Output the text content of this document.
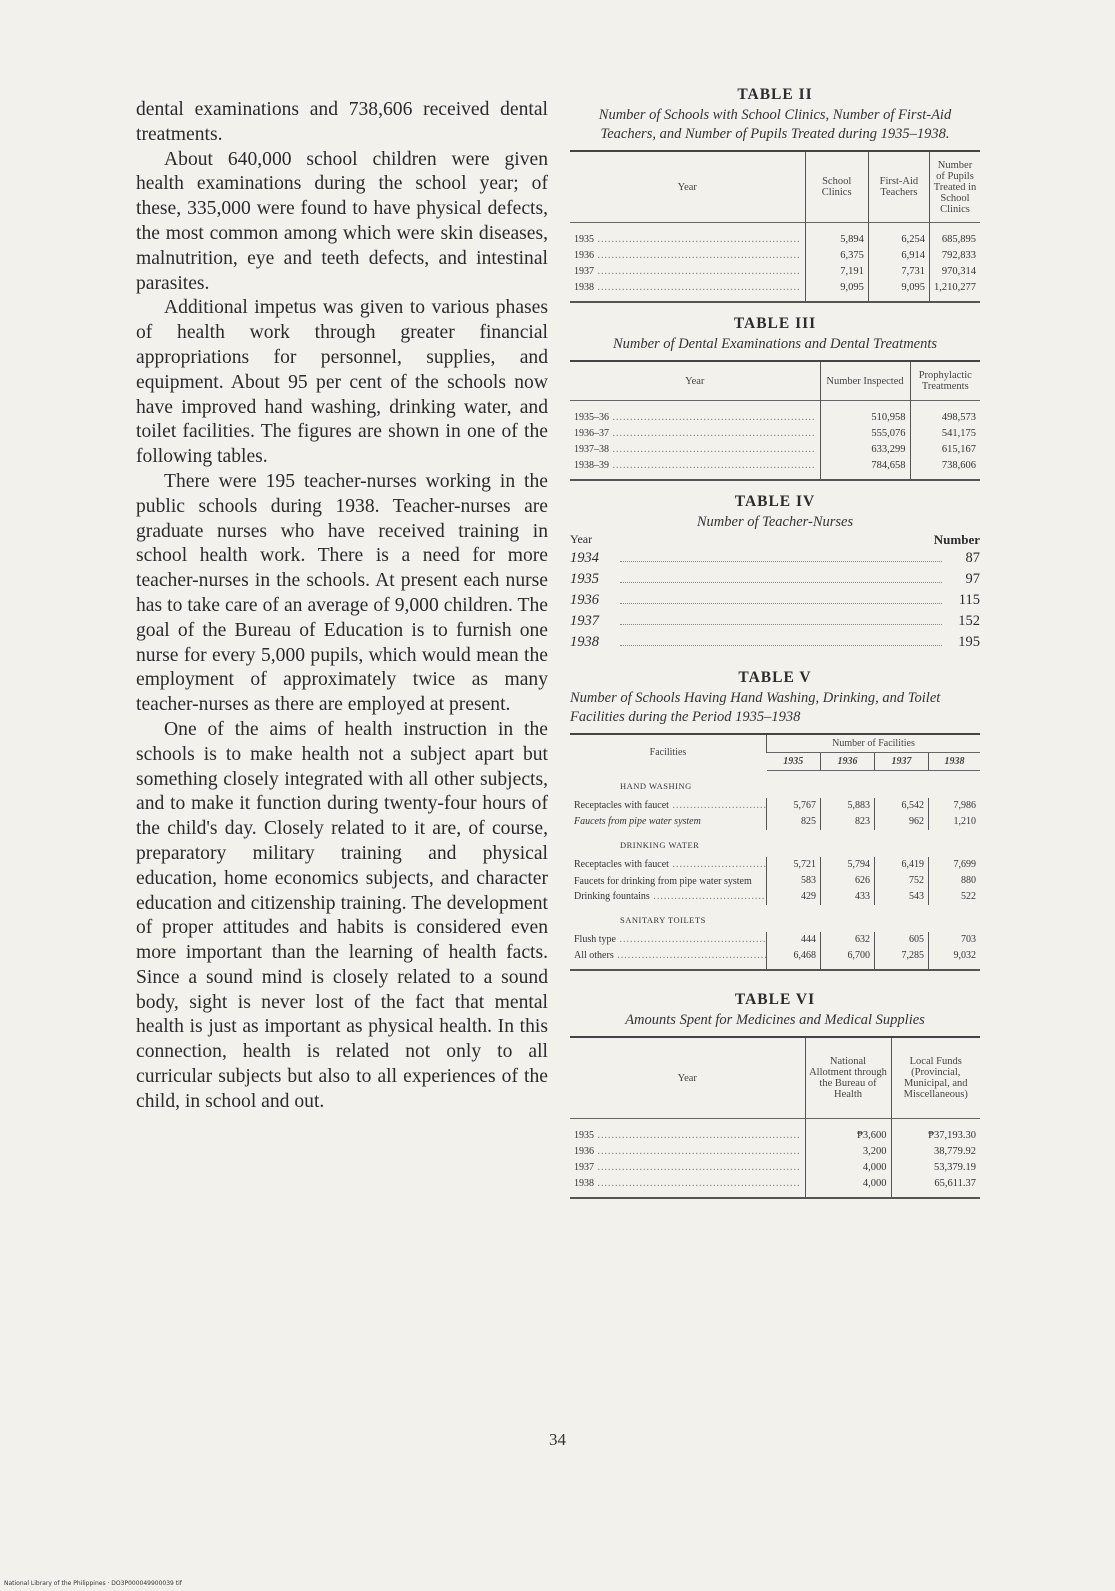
dental examinations and 738,606 received dental treatments.

About 640,000 school children were given health examinations during the school year; of these, 335,000 were found to have physical defects, the most common among which were skin diseases, malnutrition, eye and teeth defects, and intestinal parasites.

Additional impetus was given to various phases of health work through greater financial appropriations for personnel, supplies, and equipment. About 95 per cent of the schools now have improved hand washing, drinking water, and toilet facilities. The figures are shown in one of the following tables.

There were 195 teacher-nurses working in the public schools during 1938. Teacher-nurses are graduate nurses who have received training in school health work. There is a need for more teacher-nurses in the schools. At present each nurse has to take care of an average of 9,000 children. The goal of the Bureau of Education is to furnish one nurse for every 5,000 pupils, which would mean the employment of approximately twice as many teacher-nurses as there are employed at present.

One of the aims of health instruction in the schools is to make health not a subject apart but something closely integrated with all other subjects, and to make it function during twenty-four hours of the child's day. Closely related to it are, of course, preparatory military training and physical education, home economics subjects, and character education and citizenship training. The development of proper attitudes and habits is considered even more important than the learning of health facts. Since a sound mind is closely related to a sound body, sight is never lost of the fact that mental health is just as important as physical health. In this connection, health is related not only to all curricular subjects but also to all experiences of the child, in school and out.

TABLE II

Number of Schools with School Clinics, Number of First-Aid Teachers, and Number of Pupils Treated during 1935–1938.

Year	School Clinics	First-Aid Teachers	Number of Pupils Treated in School Clinics
1935 .....	5,894	6,254	685,895
1936 .....	6,375	6,914	792,833
1937 .....	7,191	7,731	970,314
1938 .....	9,095	9,095	1,210,277

TABLE III

Number of Dental Examinations and Dental Treatments

Year	Number Inspected	Prophylactic Treatments
1935–36 .....	510,958	498,573
1936–37 .....	555,076	541,175
1937–38 .....	633,299	615,167
1938–39 .....	784,658	738,606

TABLE IV

Number of Teacher-Nurses

Year	Number
1934	87
1935	97
1936	115
1937	152
1938	195

TABLE V

Number of Schools Having Hand Washing, Drinking, and Toilet Facilities during the Period 1935–1938

Facilities	Number of Facilities			
	1935	1936	1937	1938
HAND WASHING				
Receptacles with faucet .....	5,767	5,883	6,542	7,986
Faucets from pipe water system	825	823	962	1,210
DRINKING WATER				
Receptacles with faucet .....	5,721	5,794	6,419	7,699
Faucets for drinking from pipe water system	583	626	752	880
Drinking fountains .....	429	433	543	522
SANITARY TOILETS				
Flush type .....	444	632	605	703
All others .....	6,468	6,700	7,285	9,032

TABLE VI

Amounts Spent for Medicines and Medical Supplies

Year	National Allotment through the Bureau of Health	Local Funds (Provincial, Municipal, and Miscellaneous)
1935 .....	₱3,600	₱37,193.30
1936 .....	3,200	38,779.92
1937 .....	4,000	53,379.19
1938 .....	4,000	65,611.37
34
National Library of the Philippines · DO3P000049900039 tif
